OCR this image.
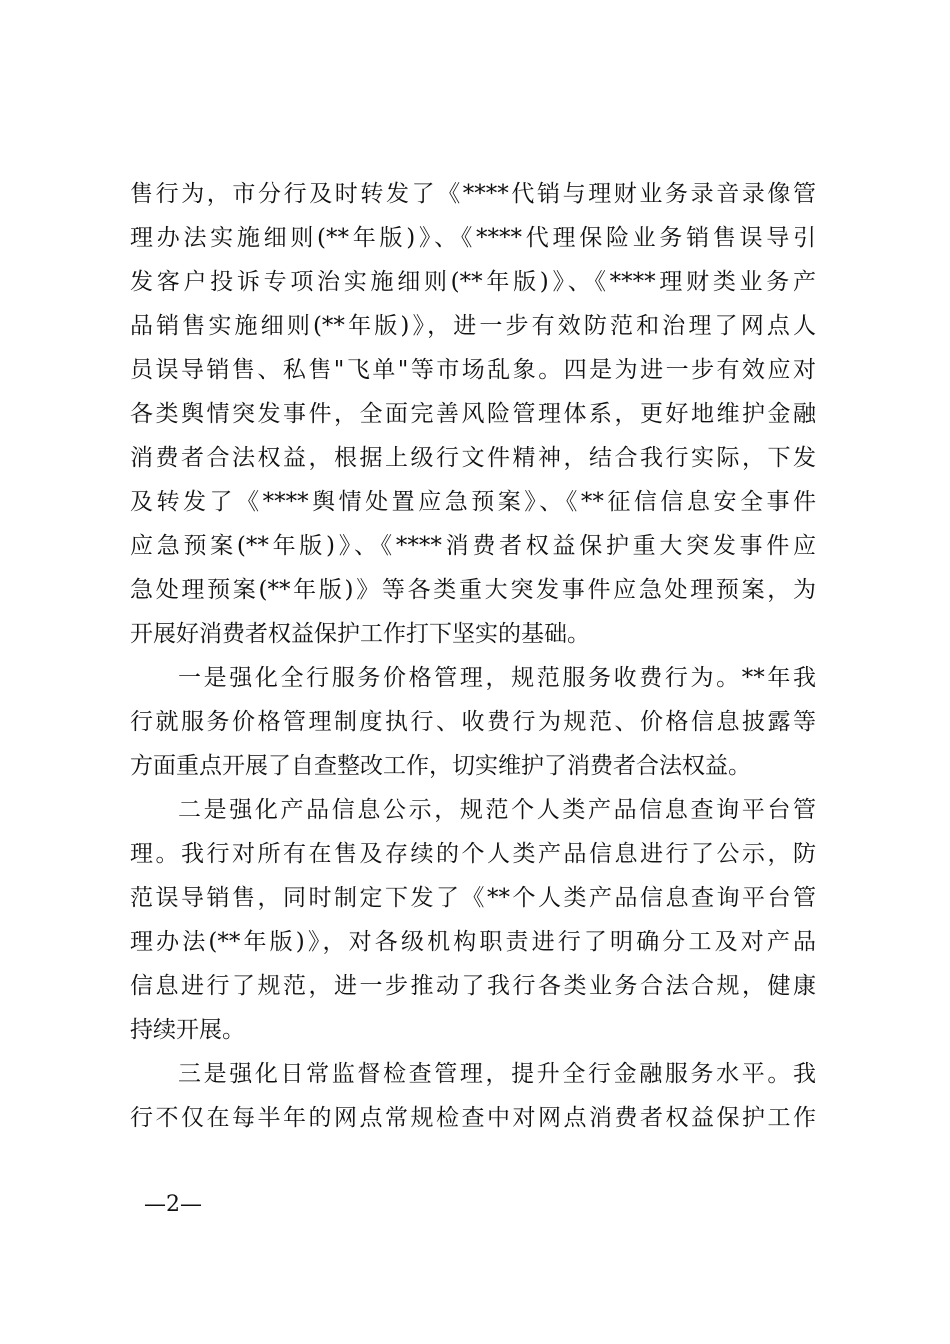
售行为，市分行及时转发了《****代销与理财业务录音录像管
理办法实施细则(**年版)》、《****代理保险业务销售误导引
发客户投诉专项治实施细则(**年版)》、《****理财类业务产
品销售实施细则(**年版)》，进一步有效防范和治理了网点人
员误导销售、私售"飞单"等市场乱象。四是为进一步有效应对
各类舆情突发事件，全面完善风险管理体系，更好地维护金融
消费者合法权益，根据上级行文件精神，结合我行实际，下发
及转发了《****舆情处置应急预案》、《**征信信息安全事件
应急预案(**年版)》、《****消费者权益保护重大突发事件应
急处理预案(**年版)》等各类重大突发事件应急处理预案，为
开展好消费者权益保护工作打下坚实的基础。
一是强化全行服务价格管理，规范服务收费行为。**年我
行就服务价格管理制度执行、收费行为规范、价格信息披露等
方面重点开展了自查整改工作，切实维护了消费者合法权益。
二是强化产品信息公示，规范个人类产品信息查询平台管
理。我行对所有在售及存续的个人类产品信息进行了公示，防
范误导销售，同时制定下发了《**个人类产品信息查询平台管
理办法(**年版)》，对各级机构职责进行了明确分工及对产品
信息进行了规范，进一步推动了我行各类业务合法合规，健康
持续开展。
三是强化日常监督检查管理，提升全行金融服务水平。我
行不仅在每半年的网点常规检查中对网点消费者权益保护工作
—2—
